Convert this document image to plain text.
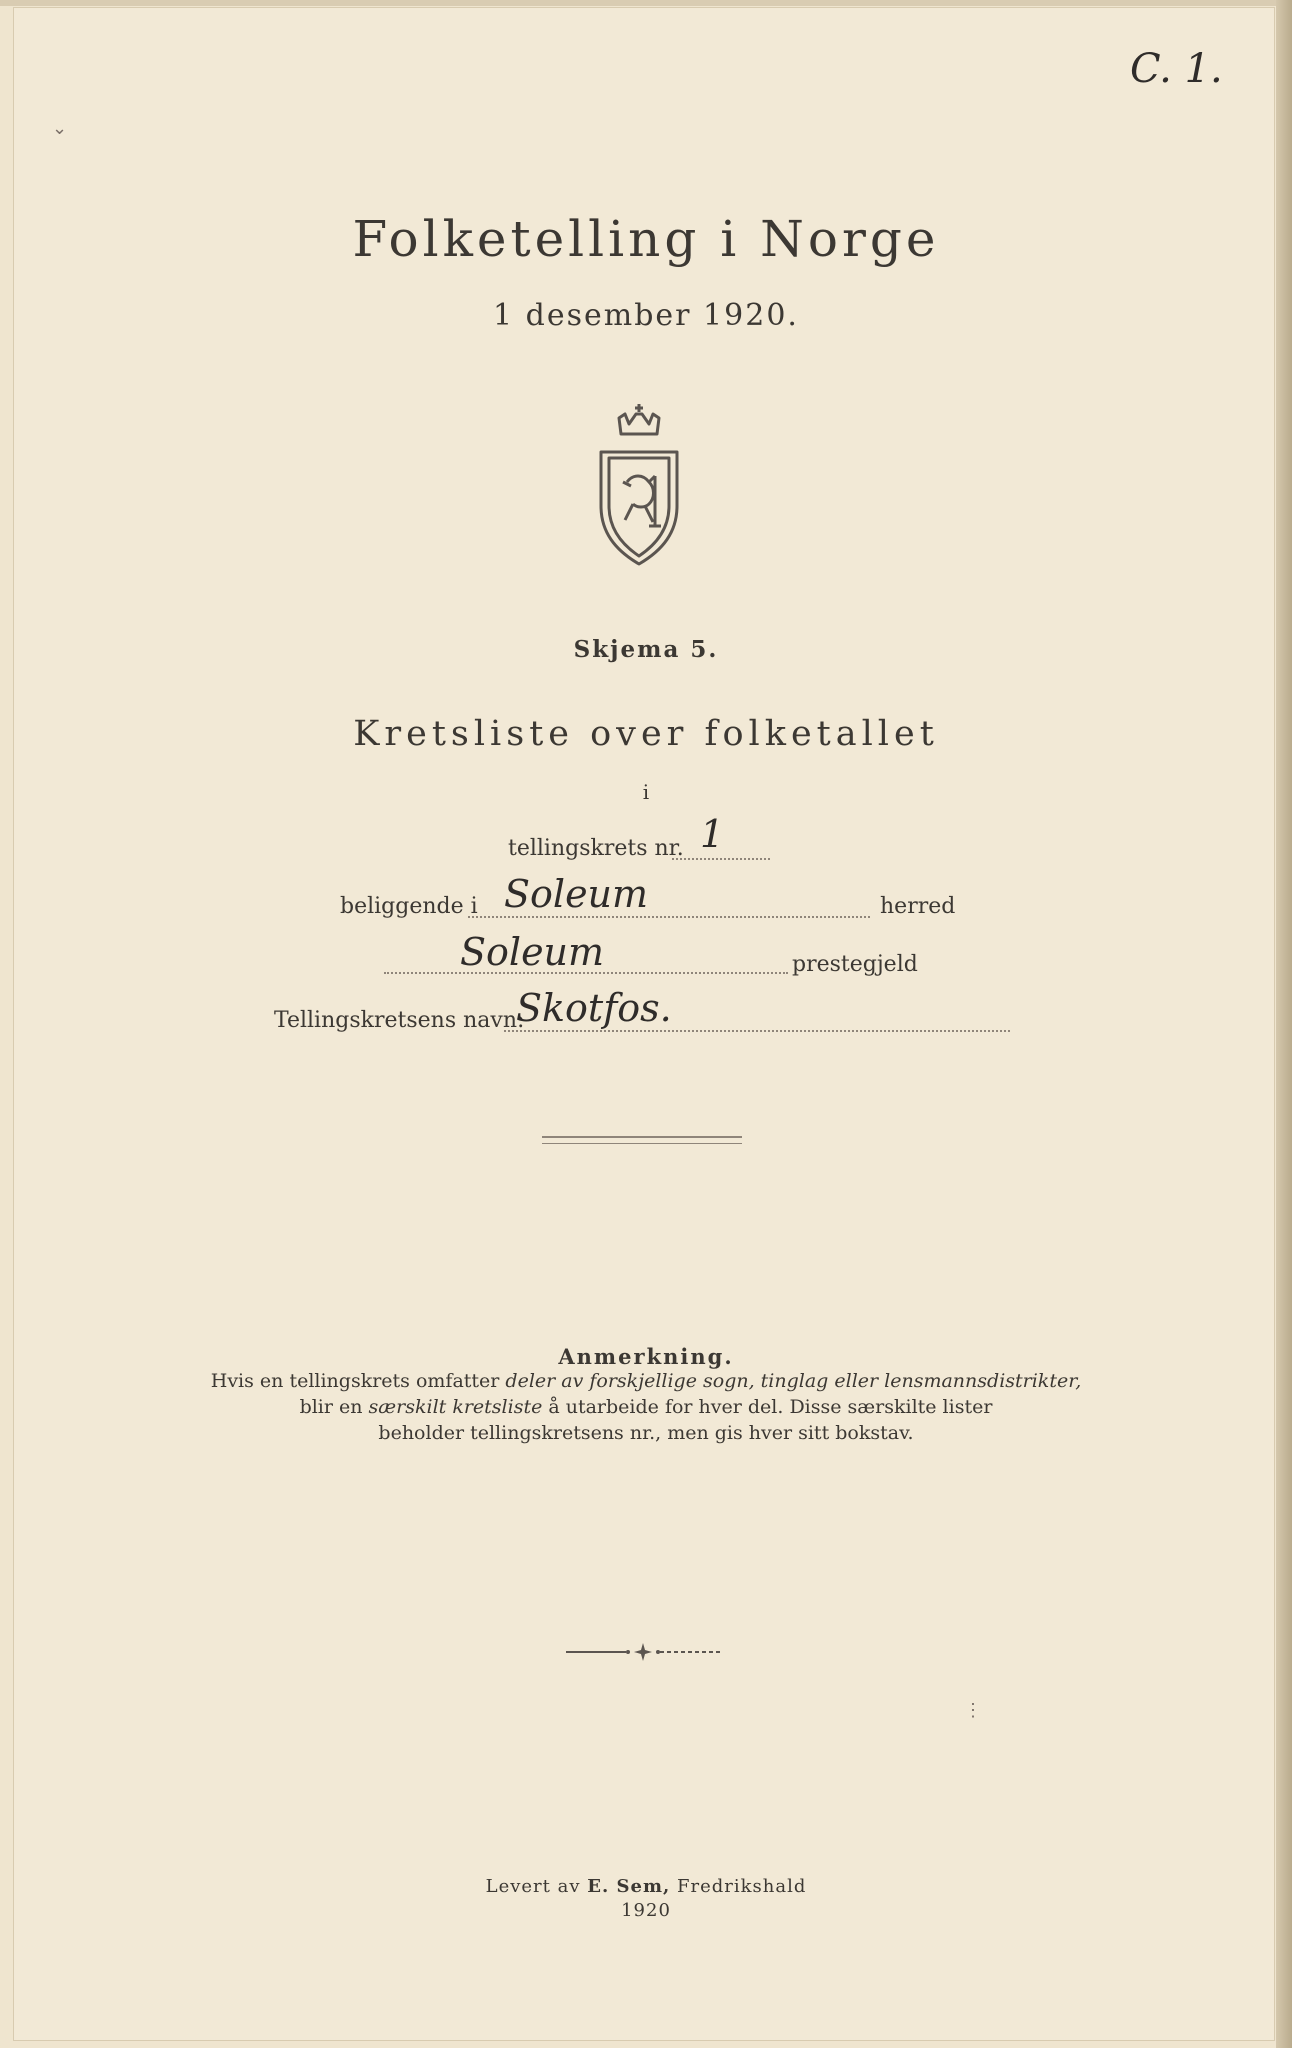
C. 1.
⌄
⋮
Folketelling i Norge
1 desember 1920.
Skjema 5.
Kretsliste over folketallet
i
tellingskrets nr. 1
beliggende i Soleum	herred
Soleum	prestegjeld
Tellingskretsens navn:
Skotfos.
Anmerkning.
Hvis en tellingskrets omfatter deler av forskjellige sogn, tinglag eller lensmannsdistrikter,
blir en særskilt kretsliste å utarbeide for hver del. Disse særskilte lister
beholder tellingskretsens nr., men gis hver sitt bokstav.
Levert av E. Sem, Fredrikshald
1920
